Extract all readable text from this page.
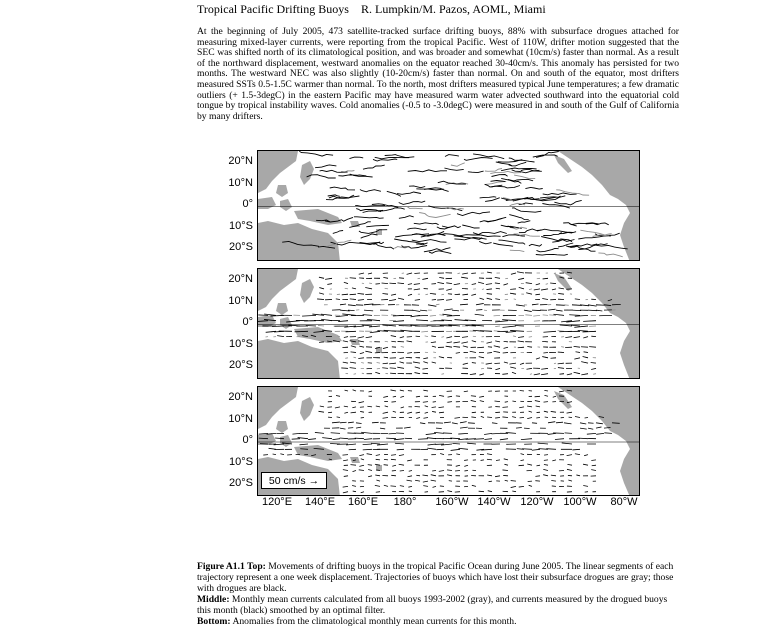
Tropical Pacific Drifting Buoys R. Lumpkin/M. Pazos, AOML, Miami
At the beginning of July 2005, 473 satellite-tracked surface drifting buoys, 88% with subsurface drogues attached for measuring mixed-layer currents, were reporting from the tropical Pacific. West of 110W, drifter motion suggested that the SEC was shifted north of its climatological position, and was broader and somewhat (10cm/s) faster than normal. As a result of the northward displacement, westward anomalies on the equator reached 30-40cm/s. This anomaly has persisted for two months. The westward NEC was also slightly (10-20cm/s) faster than normal. On and south of the equator, most drifters measured SSTs 0.5-1.5C warmer than normal. To the north, most drifters measured typical June temperatures; a few dramatic outliers (+ 1.5-3degC) in the eastern Pacific may have measured warm water advected southward into the equatorial cold tongue by tropical instability waves. Cold anomalies (-0.5 to -3.0degC) were measured in and south of the Gulf of California by many drifters.
50 cm/s →
20°N
10°N
0°
10°S
20°S
20°N
10°N
0°
10°S
20°S
20°N
10°N
0°
10°S
20°S
120°E 140°E 160°E 180° 160°W 140°W 120°W 100°W 80°W
Figure A1.1 Top: Movements of drifting buoys in the tropical Pacific Ocean during June 2005. The linear segments of each trajectory represent a one week displacement. Trajectories of buoys which have lost their subsurface drogues are gray; those with drogues are black.
Middle: Monthly mean currents calculated from all buoys 1993-2002 (gray), and currents measured by the drogued buoys this month (black) smoothed by an optimal filter.
Bottom: Anomalies from the climatological monthly mean currents for this month.
